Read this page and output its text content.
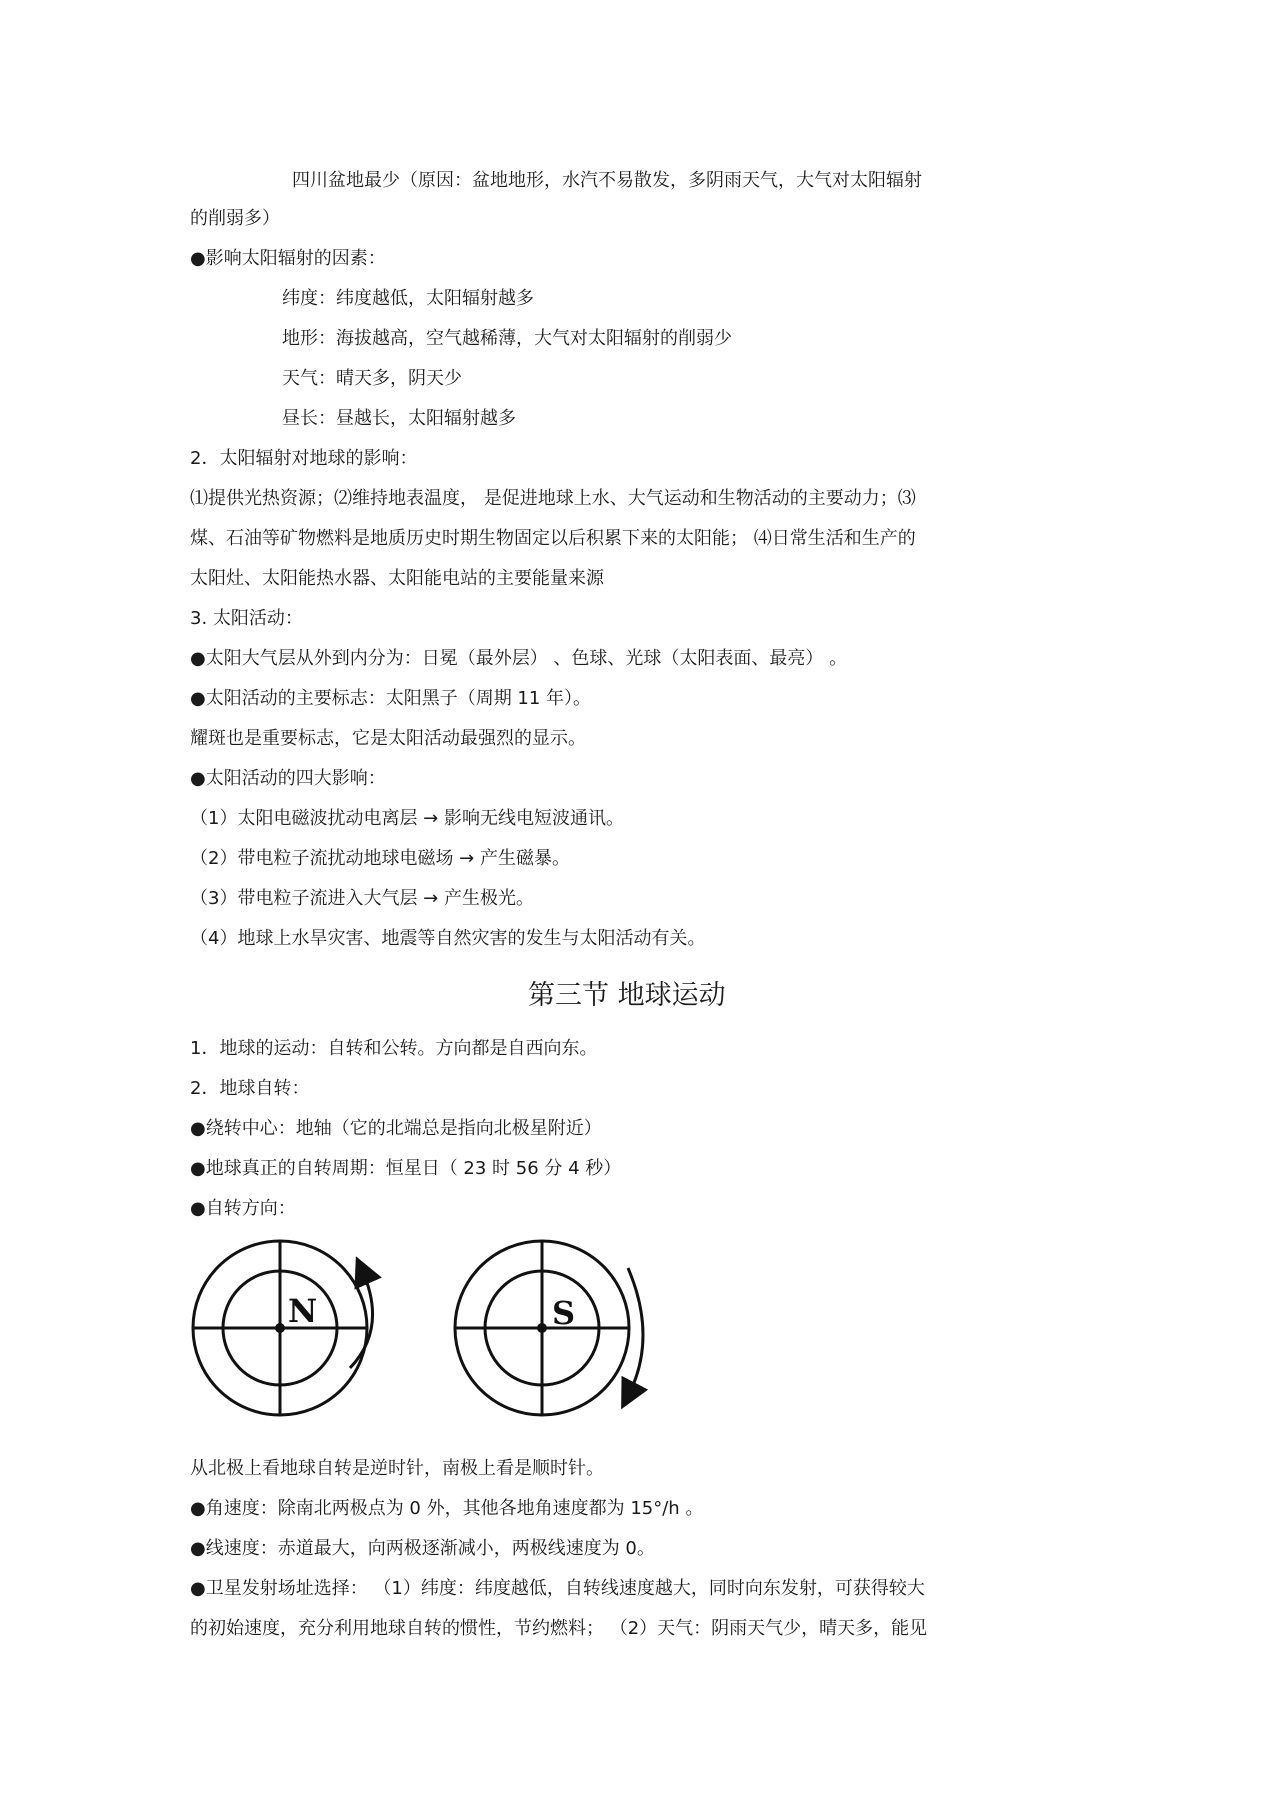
四川盆地最少（原因：盆地地形，水汽不易散发，多阴雨天气，大气对太阳辐射
的削弱多）
●影响太阳辐射的因素：
纬度：纬度越低，太阳辐射越多
地形：海拔越高，空气越稀薄，大气对太阳辐射的削弱少
天气：晴天多，阴天少
昼长：昼越长，太阳辐射越多
2．太阳辐射对地球的影响：
⑴提供光热资源；⑵维持地表温度， 是促进地球上水、大气运动和生物活动的主要动力；⑶
煤、石油等矿物燃料是地质历史时期生物固定以后积累下来的太阳能； ⑷日常生活和生产的
太阳灶、太阳能热水器、太阳能电站的主要能量来源
3. 太阳活动：
●太阳大气层从外到内分为：日冕（最外层） 、色球、光球（太阳表面、最亮） 。
●太阳活动的主要标志：太阳黑子（周期 11 年）。
耀斑也是重要标志，它是太阳活动最强烈的显示。
●太阳活动的四大影响：
（1）太阳电磁波扰动电离层 → 影响无线电短波通讯。
（2）带电粒子流扰动地球电磁场 → 产生磁暴。
（3）带电粒子流进入大气层 → 产生极光。
（4）地球上水旱灾害、地震等自然灾害的发生与太阳活动有关。
第三节 地球运动
1．地球的运动：自转和公转。方向都是自西向东。
2．地球自转：
●绕转中心：地轴（它的北端总是指向北极星附近）
●地球真正的自转周期：恒星日（ 23 时 56 分 4 秒）
●自转方向：
N	S
从北极上看地球自转是逆时针，南极上看是顺时针。
●角速度：除南北两极点为 0 外，其他各地角速度都为 15°/h 。
●线速度：赤道最大，向两极逐渐减小，两极线速度为 0。
●卫星发射场址选择： （1）纬度：纬度越低，自转线速度越大，同时向东发射，可获得较大
的初始速度，充分利用地球自转的惯性，节约燃料； （2）天气：阴雨天气少，晴天多，能见
